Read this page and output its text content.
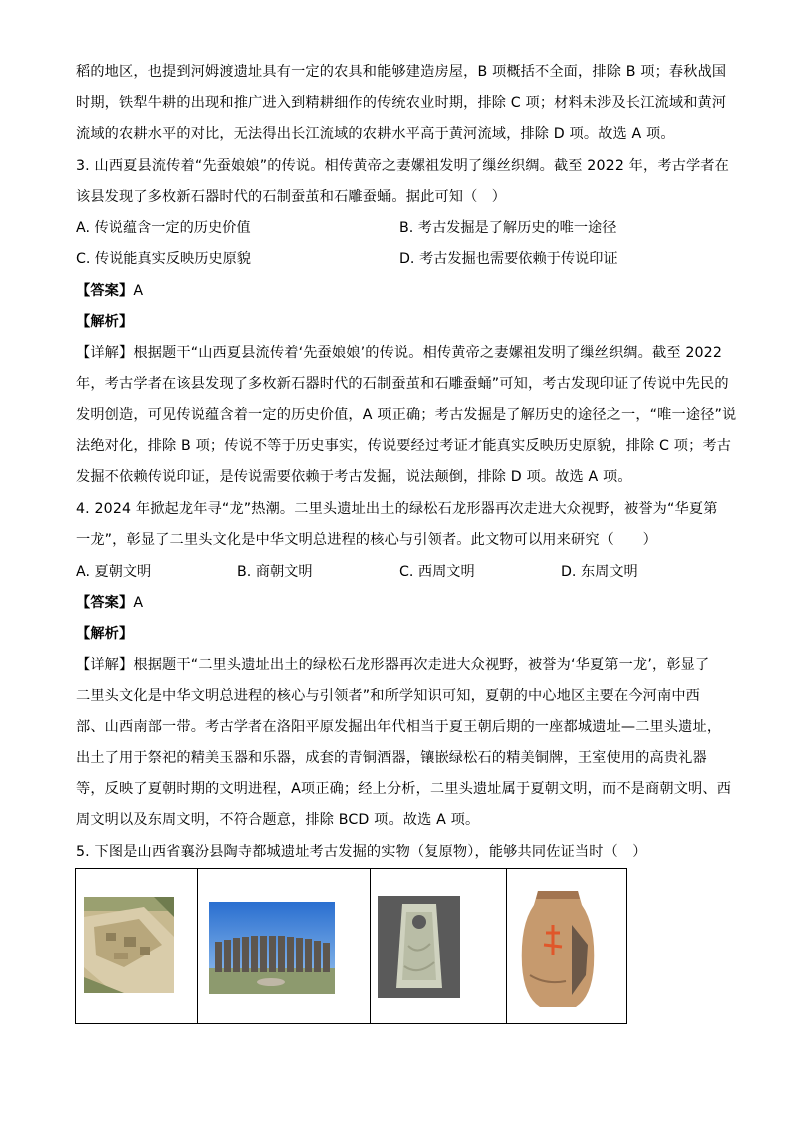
稻的地区，也提到河姆渡遗址具有一定的农具和能够建造房屋，B 项概括不全面，排除 B 项；春秋战国
时期，铁犁牛耕的出现和推广进入到精耕细作的传统农业时期，排除 C 项；材料未涉及长江流域和黄河
流域的农耕水平的对比，无法得出长江流域的农耕水平高于黄河流域，排除 D 项。故选 A 项。
3. 山西夏县流传着“先蚕娘娘”的传说。相传黄帝之妻嫘祖发明了缫丝织绸。截至 2022 年，考古学者在
该县发现了多枚新石器时代的石制蚕茧和石雕蚕蛹。据此可知（　）
A. 传说蕴含一定的历史价值	B. 考古发掘是了解历史的唯一途径
C. 传说能真实反映历史原貌	D. 考古发掘也需要依赖于传说印证
【答案】A
【解析】
【详解】根据题干“山西夏县流传着‘先蚕娘娘’的传说。相传黄帝之妻嫘祖发明了缫丝织绸。截至 2022
年，考古学者在该县发现了多枚新石器时代的石制蚕茧和石雕蚕蛹”可知，考古发现印证了传说中先民的
发明创造，可见传说蕴含着一定的历史价值，A 项正确；考古发掘是了解历史的途径之一，“唯一途径”说
法绝对化，排除 B 项；传说不等于历史事实，传说要经过考证才能真实反映历史原貌，排除 C 项；考古
发掘不依赖传说印证，是传说需要依赖于考古发掘，说法颠倒，排除 D 项。故选 A 项。
4. 2024 年掀起龙年寻“龙”热潮。二里头遗址出土的绿松石龙形器再次走进大众视野，被誉为“华夏第
一龙”，彰显了二里头文化是中华文明总进程的核心与引领者。此文物可以用来研究（　　）
A. 夏朝文明	B. 商朝文明	C. 西周文明	D. 东周文明
【答案】A
【解析】
【详解】根据题干“二里头遗址出土的绿松石龙形器再次走进大众视野，被誉为‘华夏第一龙’，彰显了
二里头文化是中华文明总进程的核心与引领者”和所学知识可知，夏朝的中心地区主要在今河南中西
部、山西南部一带。考古学者在洛阳平原发掘出年代相当于夏王朝后期的一座都城遗址—二里头遗址，
出土了用于祭祀的精美玉器和乐器，成套的青铜酒器，镶嵌绿松石的精美铜牌，王室使用的高贵礼器
等，反映了夏朝时期的文明进程，A项正确；经上分析，二里头遗址属于夏朝文明，而不是商朝文明、西
周文明以及东周文明，不符合题意，排除 BCD 项。故选 A 项。
5. 下图是山西省襄汾县陶寺都城遗址考古发掘的实物（复原物），能够共同佐证当时（　）
